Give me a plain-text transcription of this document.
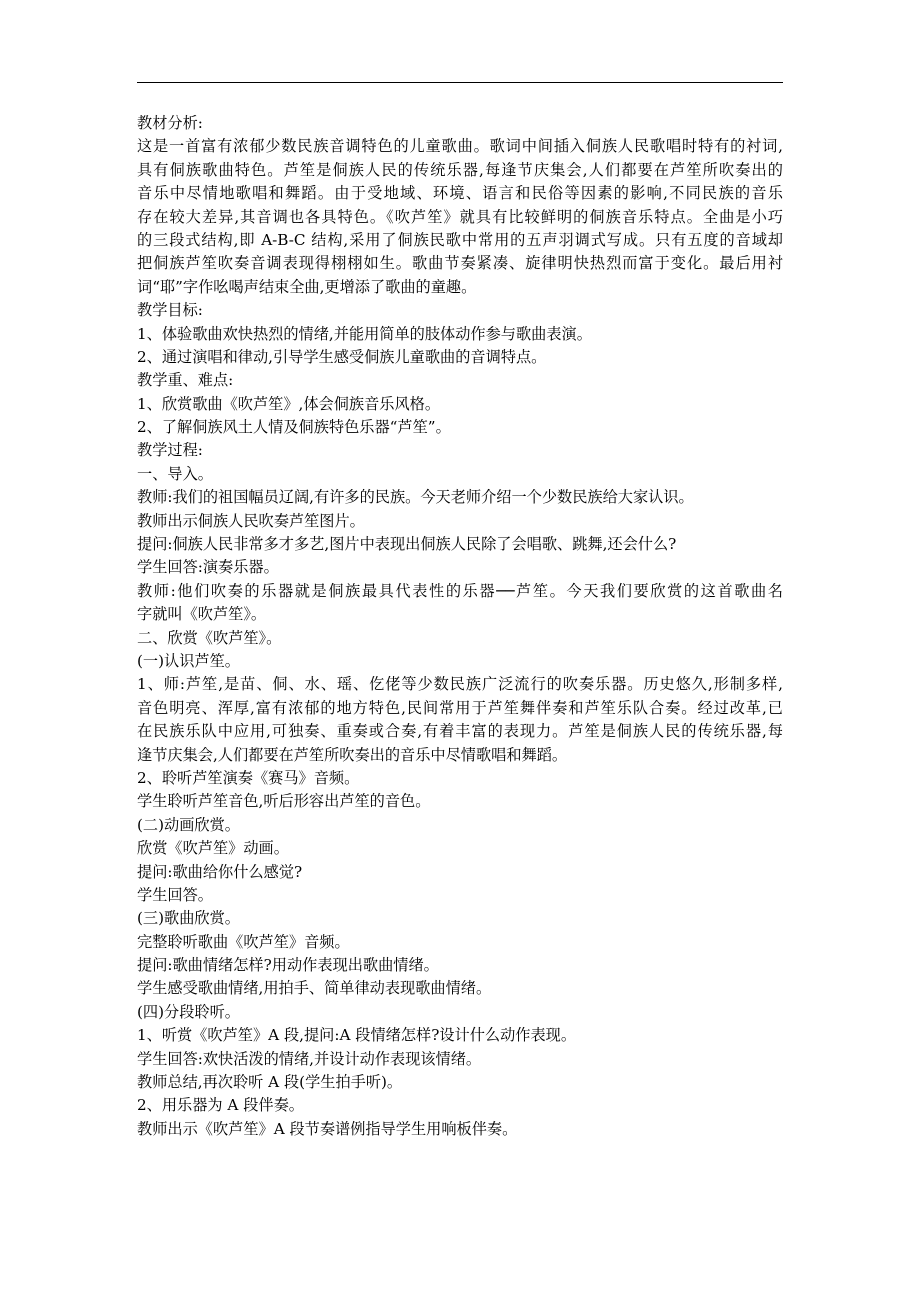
教材分析:
这是一首富有浓郁少数民族音调特色的儿童歌曲。歌词中间插入侗族人民歌唱时特有的衬词,
具有侗族歌曲特色。芦笙是侗族人民的传统乐器,每逢节庆集会,人们都要在芦笙所吹奏出的
音乐中尽情地歌唱和舞蹈。由于受地域、环境、语言和民俗等因素的影响,不同民族的音乐
存在较大差异,其音调也各具特色。《吹芦笙》就具有比较鲜明的侗族音乐特点。全曲是小巧
的三段式结构,即 A-B-C 结构,采用了侗族民歌中常用的五声羽调式写成。只有五度的音域却
把侗族芦笙吹奏音调表现得栩栩如生。歌曲节奏紧凑、旋律明快热烈而富于变化。最后用衬
词“耶”字作吆喝声结束全曲,更增添了歌曲的童趣。
教学目标:
1、体验歌曲欢快热烈的情绪,并能用简单的肢体动作参与歌曲表演。
2、通过演唱和律动,引导学生感受侗族儿童歌曲的音调特点。
教学重、难点:
1、欣赏歌曲《吹芦笙》,体会侗族音乐风格。
2、了解侗族风土人情及侗族特色乐器“芦笙”。
教学过程:
一、导入。
教师:我们的祖国幅员辽阔,有许多的民族。今天老师介绍一个少数民族给大家认识。
教师出示侗族人民吹奏芦笙图片。
提问:侗族人民非常多才多艺,图片中表现出侗族人民除了会唱歌、跳舞,还会什么?
学生回答:演奏乐器。
教师:他们吹奏的乐器就是侗族最具代表性的乐器──芦笙。今天我们要欣赏的这首歌曲名
字就叫《吹芦笙》。
二、欣赏《吹芦笙》。
(一)认识芦笙。
1、师:芦笙,是苗、侗、水、瑶、仡佬等少数民族广泛流行的吹奏乐器。历史悠久,形制多样,
音色明亮、浑厚,富有浓郁的地方特色,民间常用于芦笙舞伴奏和芦笙乐队合奏。经过改革,已
在民族乐队中应用,可独奏、重奏或合奏,有着丰富的表现力。芦笙是侗族人民的传统乐器,每
逢节庆集会,人们都要在芦笙所吹奏出的音乐中尽情歌唱和舞蹈。
2、聆听芦笙演奏《赛马》音频。
学生聆听芦笙音色,听后形容出芦笙的音色。
(二)动画欣赏。
欣赏《吹芦笙》动画。
提问:歌曲给你什么感觉?
学生回答。
(三)歌曲欣赏。
完整聆听歌曲《吹芦笙》音频。
提问:歌曲情绪怎样?用动作表现出歌曲情绪。
学生感受歌曲情绪,用拍手、简单律动表现歌曲情绪。
(四)分段聆听。
1、听赏《吹芦笙》A 段,提问:A 段情绪怎样?设计什么动作表现。
学生回答:欢快活泼的情绪,并设计动作表现该情绪。
教师总结,再次聆听 A 段(学生拍手听)。
2、用乐器为 A 段伴奏。
教师出示《吹芦笙》A 段节奏谱例指导学生用响板伴奏。
